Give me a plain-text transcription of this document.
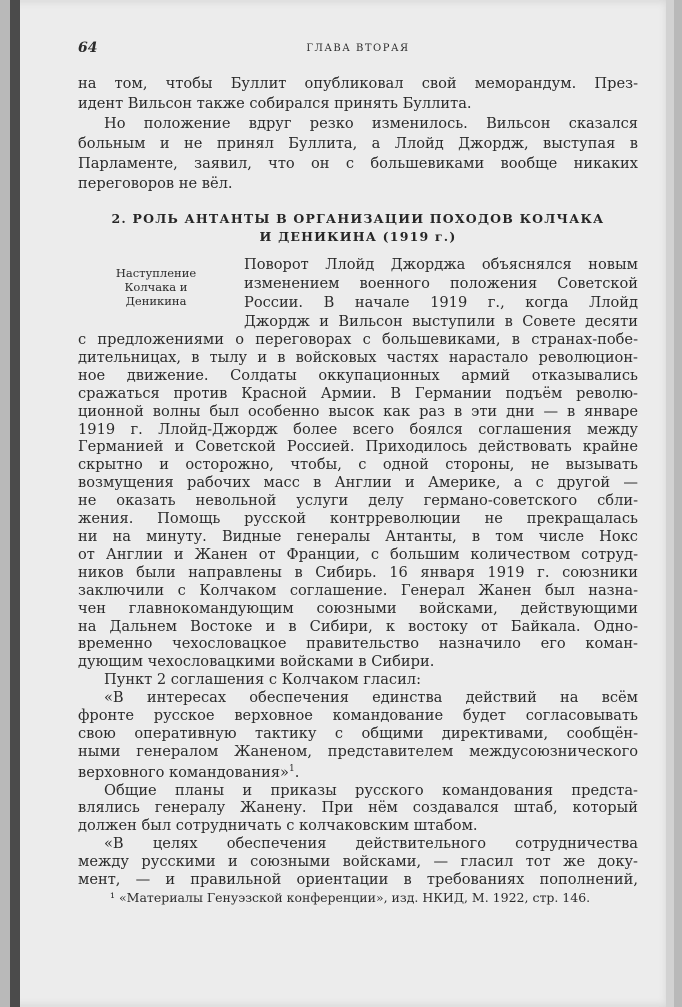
64	ГЛАВА ВТОРАЯ
на том, чтобы Буллит опубликовал свой меморандум. През-
идент Вильсон также собирался принять Буллита.
Но положение вдруг резко изменилось. Вильсон сказался
больным и не принял Буллита, а Ллойд Джордж, выступая в
Парламенте, заявил, что он с большевиками вообще никаких
переговоров не вёл.
2. РОЛЬ АНТАНТЫ В ОРГАНИЗАЦИИ ПОХОДОВ КОЛЧАКА
И ДЕНИКИНА (1919 г.)
Наступление
Колчака и
Деникина
Поворот Ллойд Джорджа объяснялся новым
изменением военного положения Советской
России. В начале 1919 г., когда Ллойд
Джордж и Вильсон выступили в Совете десяти
с предложениями о переговорах с большевиками, в странах-побе-
дительницах, в тылу и в войсковых частях нарастало революцион-
ное движение. Солдаты оккупационных армий отказывались
сражаться против Красной Армии. В Германии подъём револю-
ционной волны был особенно высок как раз в эти дни — в январе
1919 г. Ллойд-Джордж более всего боялся соглашения между
Германией и Советской Россией. Приходилось действовать крайне
скрытно и осторожно, чтобы, с одной стороны, не вызывать
возмущения рабочих масс в Англии и Америке, а с другой —
не оказать невольной услуги делу германо-советского сбли-
жения. Помощь русской контрреволюции не прекращалась
ни на минуту. Видные генералы Антанты, в том числе Нокс
от Англии и Жанен от Франции, с большим количеством сотруд-
ников были направлены в Сибирь. 16 января 1919 г. союзники
заключили с Колчаком соглашение. Генерал Жанен был назна-
чен главнокомандующим союзными войсками, действующими
на Дальнем Востоке и в Сибири, к востоку от Байкала. Одно-
временно чехословацкое правительство назначило его коман-
дующим чехословацкими войсками в Сибири.
Пункт 2 соглашения с Колчаком гласил:
«В интересах обеспечения единства действий на всём
фронте русское верховное командование будет согласовывать
свою оперативную тактику с общими директивами, сообщён-
ными генералом Жаненом, представителем междусоюзнического
верховного командования»$^1$.
Общие планы и приказы русского командования предста-
влялись генералу Жанену. При нём создавался штаб, который
должен был сотрудничать с колчаковским штабом.
«В целях обеспечения действительного сотрудничества
между русскими и союзными войсками, — гласил тот же доку-
мент, — и правильной ориентации в требованиях пополнений,
¹ «Материалы Генуэзской конференции», изд. НКИД, М. 1922, стр. 146.
